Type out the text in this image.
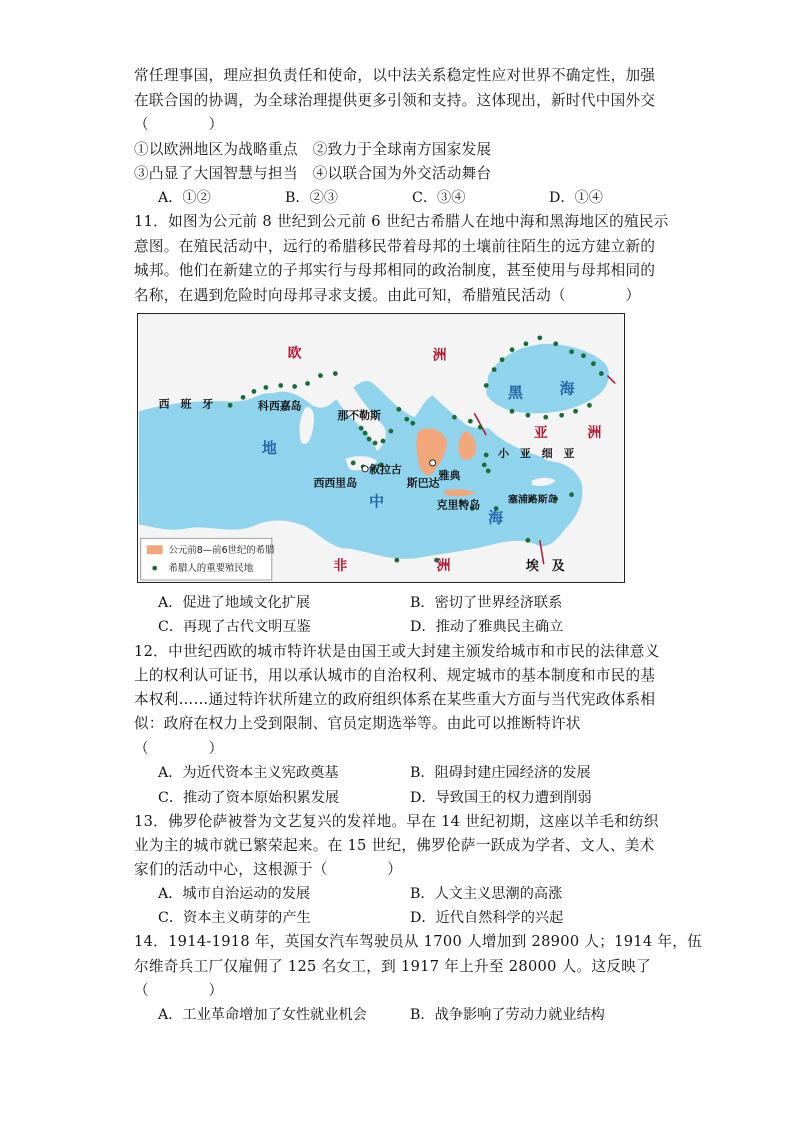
常任理事国，理应担负责任和使命，以中法关系稳定性应对世界不确定性，加强
在联合国的协调，为全球治理提供更多引领和支持。这体现出，新时代中国外交
（　　　　）
①以欧洲地区为战略重点　②致力于全球南方国家发展
③凸显了大国智慧与担当　④以联合国为外交活动舞台
A．①②	B．②③	C．③④	D．①④
11．如图为公元前 8 世纪到公元前 6 世纪古希腊人在地中海和黑海地区的殖民示
意图。在殖民活动中，远行的希腊移民带着母邦的土壤前往陌生的远方建立新的
城邦。他们在新建立的子邦实行与母邦相同的政治制度，甚至使用与母邦相同的
名称，在遇到危险时向母邦寻求支援。由此可知，希腊殖民活动（　　　　）
欧	洲
亚	洲
非	洲
黑 海
地
中
海
西　班　牙	科西嘉岛
那不勒斯
叙拉古
西西里岛	斯巴达
雅典
克里特岛	塞浦路斯岛
小　亚　细　亚
埃　及
公元前8—前6世纪的希腊
希腊人的重要殖民地
A．促进了地域文化扩展	B．密切了世界经济联系
C．再现了古代文明互鉴	D．推动了雅典民主确立
12．中世纪西欧的城市特许状是由国王或大封建主颁发给城市和市民的法律意义
上的权利认可证书，用以承认城市的自治权利、规定城市的基本制度和市民的基
本权利……通过特许状所建立的政府组织体系在某些重大方面与当代宪政体系相
似：政府在权力上受到限制、官员定期选举等。由此可以推断特许状
（　　　　）
A．为近代资本主义宪政奠基	B．阻碍封建庄园经济的发展
C．推动了资本原始积累发展	D．导致国王的权力遭到削弱
13．佛罗伦萨被誉为文艺复兴的发祥地。早在 14 世纪初期，这座以羊毛和纺织
业为主的城市就已繁荣起来。在 15 世纪，佛罗伦萨一跃成为学者、文人、美术
家们的活动中心，这根源于（　　　　）
A．城市自治运动的发展	B．人文主义思潮的高涨
C．资本主义萌芽的产生	D．近代自然科学的兴起
14．1914-1918 年，英国女汽车驾驶员从 1700 人增加到 28900 人；1914 年，伍
尔维奇兵工厂仅雇佣了 125 名女工，到 1917 年上升至 28000 人。这反映了
（　　　　）
A．工业革命增加了女性就业机会	B．战争影响了劳动力就业结构
